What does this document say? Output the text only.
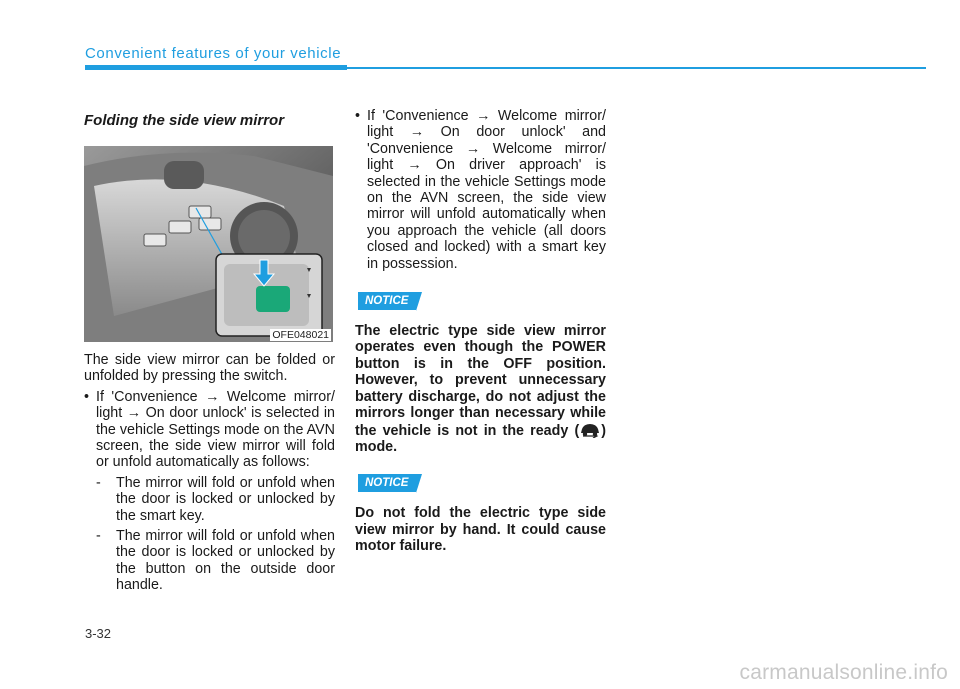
Convenient features of your vehicle
Folding the side view mirror
OFE048021
The side view mirror can be folded or unfolded by pressing the switch.
• If 'Convenience → Welcome mirror/ light → On door unlock' is selected in the vehicle Settings mode on the AVN screen, the side view mirror will fold or unfold automatically as follows:
- The mirror will fold or unfold when the door is locked or unlocked by the smart key.
- The mirror will fold or unfold when the door is locked or unlocked by the button on the outside door handle.
• If 'Convenience → Welcome mirror/ light → On door unlock' and 'Convenience → Welcome mirror/ light → On driver approach' is selected in the vehicle Settings mode on the AVN screen, the side view mirror will unfold automatically when you approach the vehicle (all doors closed and locked) with a smart key in possession.
NOTICE
The electric type side view mirror operates even though the POWER button is in the OFF position. However, to prevent unnecessary battery discharge, do not adjust the mirrors longer than necessary while the vehicle is not in the ready ( ) mode.
NOTICE
Do not fold the electric type side view mirror by hand. It could cause motor failure.
3-32
carmanualsonline.info
